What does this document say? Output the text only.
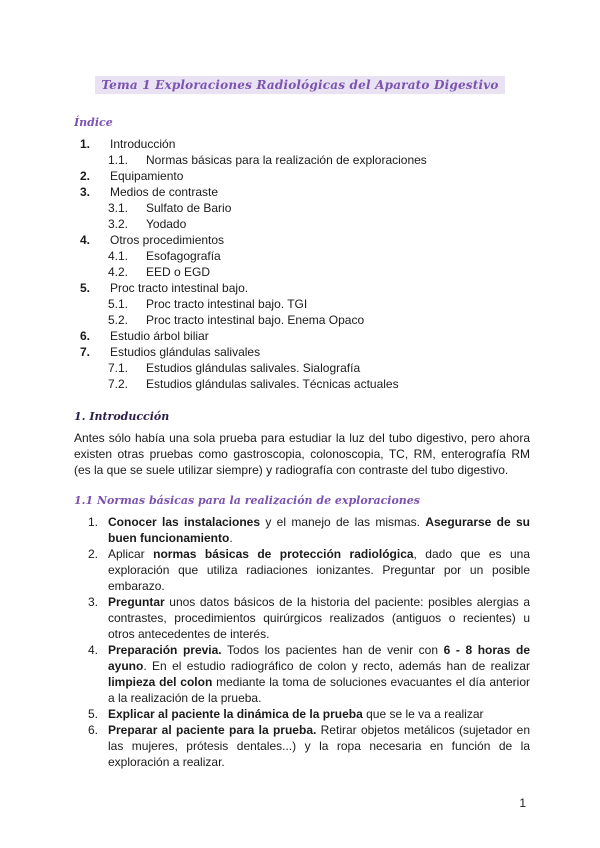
Tema 1 Exploraciones Radiológicas del Aparato Digestivo
Índice
1. Introducción
1.1. Normas básicas para la realización de exploraciones
2. Equipamiento
3. Medios de contraste
3.1. Sulfato de Bario
3.2. Yodado
4. Otros procedimientos
4.1. Esofagografía
4.2. EED o EGD
5. Proc tracto intestinal bajo.
5.1. Proc tracto intestinal bajo. TGI
5.2. Proc tracto intestinal bajo. Enema Opaco
6. Estudio árbol biliar
7. Estudios glándulas salivales
7.1. Estudios glándulas salivales. Sialografía
7.2. Estudios glándulas salivales. Técnicas actuales
1. Introducción
Antes sólo había una sola prueba para estudiar la luz del tubo digestivo, pero ahora existen otras pruebas como gastroscopia, colonoscopia, TC, RM, enterografía RM (es la que se suele utilizar siempre) y radiografía con contraste del tubo digestivo.
1.1 Normas básicas para la realización de exploraciones
1. Conocer las instalaciones y el manejo de las mismas. Asegurarse de su buen funcionamiento.
2. Aplicar normas básicas de protección radiológica, dado que es una exploración que utiliza radiaciones ionizantes. Preguntar por un posible embarazo.
3. Preguntar unos datos básicos de la historia del paciente: posibles alergias a contrastes, procedimientos quirúrgicos realizados (antiguos o recientes) u otros antecedentes de interés.
4. Preparación previa. Todos los pacientes han de venir con 6 - 8 horas de ayuno. En el estudio radiográfico de colon y recto, además han de realizar limpieza del colon mediante la toma de soluciones evacuantes el día anterior a la realización de la prueba.
5. Explicar al paciente la dinámica de la prueba que se le va a realizar
6. Preparar al paciente para la prueba. Retirar objetos metálicos (sujetador en las mujeres, prótesis dentales...) y la ropa necesaria en función de la exploración a realizar.
1
